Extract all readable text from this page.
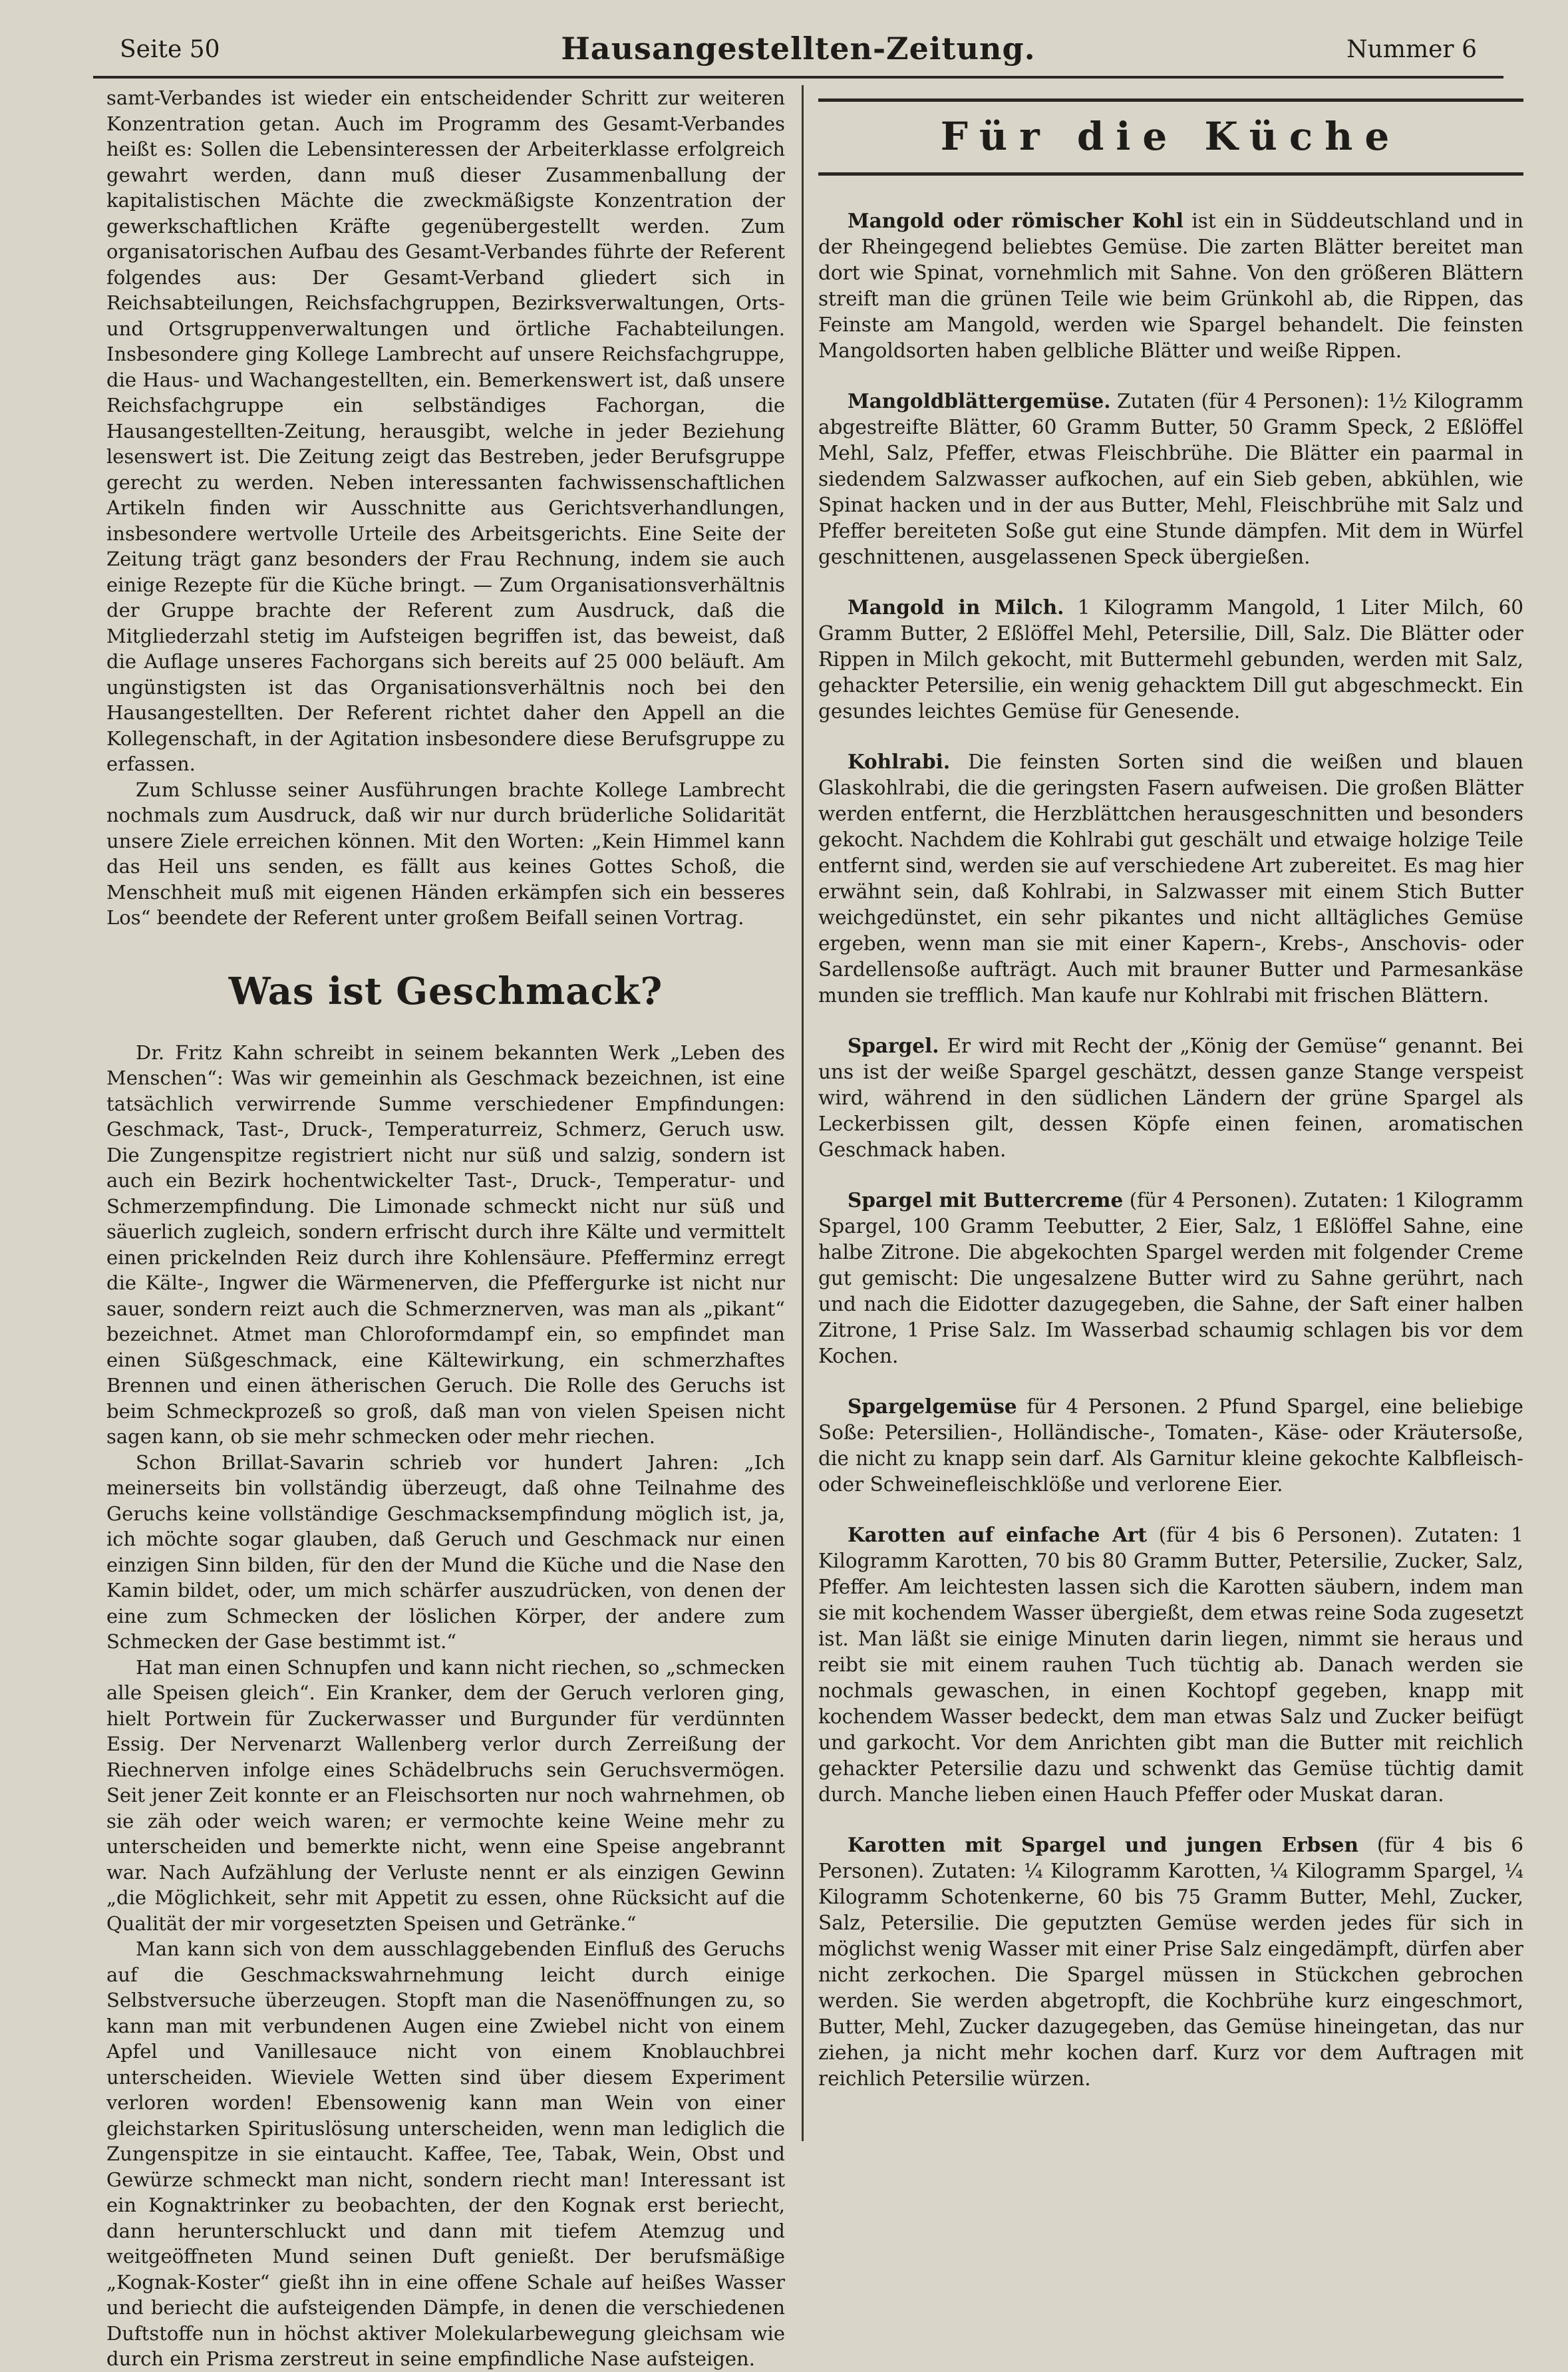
Seite 50	Hausangestellten-Zeitung.	Nummer 6

samt-Verbandes ist wieder ein entscheidender Schritt zur weiteren Konzentration getan. Auch im Programm des Gesamt-Verbandes heißt es: Sollen die Lebensinteressen der Arbeiterklasse erfolgreich gewahrt werden, dann muß dieser Zusammenballung der kapitalistischen Mächte die zweckmäßigste Konzentration der gewerkschaftlichen Kräfte gegenübergestellt werden. Zum organisatorischen Aufbau des Gesamt-Verbandes führte der Referent folgendes aus: Der Gesamt-Verband gliedert sich in Reichsabteilungen, Reichsfachgruppen, Bezirksverwaltungen, Orts- und Ortsgruppenverwaltungen und örtliche Fachabteilungen. Insbesondere ging Kollege Lambrecht auf unsere Reichsfachgruppe, die Haus- und Wachangestellten, ein. Bemerkenswert ist, daß unsere Reichsfachgruppe ein selbständiges Fachorgan, die Hausangestellten-Zeitung, herausgibt, welche in jeder Beziehung lesenswert ist. Die Zeitung zeigt das Bestreben, jeder Berufsgruppe gerecht zu werden. Neben interessanten fachwissenschaftlichen Artikeln finden wir Ausschnitte aus Gerichtsverhandlungen, insbesondere wertvolle Urteile des Arbeitsgerichts. Eine Seite der Zeitung trägt ganz besonders der Frau Rechnung, indem sie auch einige Rezepte für die Küche bringt. — Zum Organisationsverhältnis der Gruppe brachte der Referent zum Ausdruck, daß die Mitgliederzahl stetig im Aufsteigen begriffen ist, das beweist, daß die Auflage unseres Fachorgans sich bereits auf 25 000 beläuft. Am ungünstigsten ist das Organisationsverhältnis noch bei den Hausangestellten. Der Referent richtet daher den Appell an die Kollegenschaft, in der Agitation insbesondere diese Berufsgruppe zu erfassen.

Zum Schlusse seiner Ausführungen brachte Kollege Lambrecht nochmals zum Ausdruck, daß wir nur durch brüderliche Solidarität unsere Ziele erreichen können. Mit den Worten: „Kein Himmel kann das Heil uns senden, es fällt aus keines Gottes Schoß, die Menschheit muß mit eigenen Händen erkämpfen sich ein besseres Los“ beendete der Referent unter großem Beifall seinen Vortrag.

Was ist Geschmack?

Dr. Fritz Kahn schreibt in seinem bekannten Werk „Leben des Menschen“: Was wir gemeinhin als Geschmack bezeichnen, ist eine tatsächlich verwirrende Summe verschiedener Empfindungen: Geschmack, Tast-, Druck-, Temperaturreiz, Schmerz, Geruch usw. Die Zungenspitze registriert nicht nur süß und salzig, sondern ist auch ein Bezirk hochentwickelter Tast-, Druck-, Temperatur- und Schmerzempfindung. Die Limonade schmeckt nicht nur süß und säuerlich zugleich, sondern erfrischt durch ihre Kälte und vermittelt einen prickelnden Reiz durch ihre Kohlensäure. Pfefferminz erregt die Kälte-, Ingwer die Wärmenerven, die Pfeffergurke ist nicht nur sauer, sondern reizt auch die Schmerznerven, was man als „pikant“ bezeichnet. Atmet man Chloroformdampf ein, so empfindet man einen Süßgeschmack, eine Kältewirkung, ein schmerzhaftes Brennen und einen ätherischen Geruch. Die Rolle des Geruchs ist beim Schmeckprozeß so groß, daß man von vielen Speisen nicht sagen kann, ob sie mehr schmecken oder mehr riechen.

Schon Brillat-Savarin schrieb vor hundert Jahren: „Ich meinerseits bin vollständig überzeugt, daß ohne Teilnahme des Geruchs keine vollständige Geschmacksempfindung möglich ist, ja, ich möchte sogar glauben, daß Geruch und Geschmack nur einen einzigen Sinn bilden, für den der Mund die Küche und die Nase den Kamin bildet, oder, um mich schärfer auszudrücken, von denen der eine zum Schmecken der löslichen Körper, der andere zum Schmecken der Gase bestimmt ist.“

Hat man einen Schnupfen und kann nicht riechen, so „schmecken alle Speisen gleich“. Ein Kranker, dem der Geruch verloren ging, hielt Portwein für Zuckerwasser und Burgunder für verdünnten Essig. Der Nervenarzt Wallenberg verlor durch Zerreißung der Riechnerven infolge eines Schädelbruchs sein Geruchsvermögen. Seit jener Zeit konnte er an Fleischsorten nur noch wahrnehmen, ob sie zäh oder weich waren; er vermochte keine Weine mehr zu unterscheiden und bemerkte nicht, wenn eine Speise angebrannt war. Nach Aufzählung der Verluste nennt er als einzigen Gewinn „die Möglichkeit, sehr mit Appetit zu essen, ohne Rücksicht auf die Qualität der mir vorgesetzten Speisen und Getränke.“

Man kann sich von dem ausschlaggebenden Einfluß des Geruchs auf die Geschmackswahrnehmung leicht durch einige Selbstversuche überzeugen. Stopft man die Nasenöffnungen zu, so kann man mit verbundenen Augen eine Zwiebel nicht von einem Apfel und Vanillesauce nicht von einem Knoblauchbrei unterscheiden. Wieviele Wetten sind über diesem Experiment verloren worden! Ebensowenig kann man Wein von einer gleichstarken Spirituslösung unterscheiden, wenn man lediglich die Zungenspitze in sie eintaucht. Kaffee, Tee, Tabak, Wein, Obst und Gewürze schmeckt man nicht, sondern riecht man! Interessant ist ein Kognaktrinker zu beobachten, der den Kognak erst beriecht, dann herunterschluckt und dann mit tiefem Atemzug und weitgeöffneten Mund seinen Duft genießt. Der berufsmäßige „Kognak-Koster“ gießt ihn in eine offene Schale auf heißes Wasser und beriecht die aufsteigenden Dämpfe, in denen die verschiedenen Duftstoffe nun in höchst aktiver Molekularbewegung gleichsam wie durch ein Prisma zerstreut in seine empfindliche Nase aufsteigen.

Für die Küche

Mangold oder römischer Kohl ist ein in Süddeutschland und in der Rheingegend beliebtes Gemüse. Die zarten Blätter bereitet man dort wie Spinat, vornehmlich mit Sahne. Von den größeren Blättern streift man die grünen Teile wie beim Grünkohl ab, die Rippen, das Feinste am Mangold, werden wie Spargel behandelt. Die feinsten Mangoldsorten haben gelbliche Blätter und weiße Rippen.

Mangoldblättergemüse. Zutaten (für 4 Personen): 1½ Kilogramm abgestreifte Blätter, 60 Gramm Butter, 50 Gramm Speck, 2 Eßlöffel Mehl, Salz, Pfeffer, etwas Fleischbrühe. Die Blätter ein paarmal in siedendem Salzwasser aufkochen, auf ein Sieb geben, abkühlen, wie Spinat hacken und in der aus Butter, Mehl, Fleischbrühe mit Salz und Pfeffer bereiteten Soße gut eine Stunde dämpfen. Mit dem in Würfel geschnittenen, ausgelassenen Speck übergießen.

Mangold in Milch. 1 Kilogramm Mangold, 1 Liter Milch, 60 Gramm Butter, 2 Eßlöffel Mehl, Petersilie, Dill, Salz. Die Blätter oder Rippen in Milch gekocht, mit Buttermehl gebunden, werden mit Salz, gehackter Petersilie, ein wenig gehacktem Dill gut abgeschmeckt. Ein gesundes leichtes Gemüse für Genesende.

Kohlrabi. Die feinsten Sorten sind die weißen und blauen Glaskohlrabi, die die geringsten Fasern aufweisen. Die großen Blätter werden entfernt, die Herzblättchen herausgeschnitten und besonders gekocht. Nachdem die Kohlrabi gut geschält und etwaige holzige Teile entfernt sind, werden sie auf verschiedene Art zubereitet. Es mag hier erwähnt sein, daß Kohlrabi, in Salzwasser mit einem Stich Butter weichgedünstet, ein sehr pikantes und nicht alltägliches Gemüse ergeben, wenn man sie mit einer Kapern-, Krebs-, Anschovis- oder Sardellensoße aufträgt. Auch mit brauner Butter und Parmesankäse munden sie trefflich. Man kaufe nur Kohlrabi mit frischen Blättern.

Spargel. Er wird mit Recht der „König der Gemüse“ genannt. Bei uns ist der weiße Spargel geschätzt, dessen ganze Stange verspeist wird, während in den südlichen Ländern der grüne Spargel als Leckerbissen gilt, dessen Köpfe einen feinen, aromatischen Geschmack haben.

Spargel mit Buttercreme (für 4 Personen). Zutaten: 1 Kilogramm Spargel, 100 Gramm Teebutter, 2 Eier, Salz, 1 Eßlöffel Sahne, eine halbe Zitrone. Die abgekochten Spargel werden mit folgender Creme gut gemischt: Die ungesalzene Butter wird zu Sahne gerührt, nach und nach die Eidotter dazugegeben, die Sahne, der Saft einer halben Zitrone, 1 Prise Salz. Im Wasserbad schaumig schlagen bis vor dem Kochen.

Spargelgemüse für 4 Personen. 2 Pfund Spargel, eine beliebige Soße: Petersilien-, Holländische-, Tomaten-, Käse- oder Kräutersoße, die nicht zu knapp sein darf. Als Garnitur kleine gekochte Kalbfleisch- oder Schweinefleischklöße und verlorene Eier.

Karotten auf einfache Art (für 4 bis 6 Personen). Zutaten: 1 Kilogramm Karotten, 70 bis 80 Gramm Butter, Petersilie, Zucker, Salz, Pfeffer. Am leichtesten lassen sich die Karotten säubern, indem man sie mit kochendem Wasser übergießt, dem etwas reine Soda zugesetzt ist. Man läßt sie einige Minuten darin liegen, nimmt sie heraus und reibt sie mit einem rauhen Tuch tüchtig ab. Danach werden sie nochmals gewaschen, in einen Kochtopf gegeben, knapp mit kochendem Wasser bedeckt, dem man etwas Salz und Zucker beifügt und garkocht. Vor dem Anrichten gibt man die Butter mit reichlich gehackter Petersilie dazu und schwenkt das Gemüse tüchtig damit durch. Manche lieben einen Hauch Pfeffer oder Muskat daran.

Karotten mit Spargel und jungen Erbsen (für 4 bis 6 Personen). Zutaten: ¼ Kilogramm Karotten, ¼ Kilogramm Spargel, ¼ Kilogramm Schotenkerne, 60 bis 75 Gramm Butter, Mehl, Zucker, Salz, Petersilie. Die geputzten Gemüse werden jedes für sich in möglichst wenig Wasser mit einer Prise Salz eingedämpft, dürfen aber nicht zerkochen. Die Spargel müssen in Stückchen gebrochen werden. Sie werden abgetropft, die Kochbrühe kurz eingeschmort, Butter, Mehl, Zucker dazugegeben, das Gemüse hineingetan, das nur ziehen, ja nicht mehr kochen darf. Kurz vor dem Auftragen mit reichlich Petersilie würzen.
